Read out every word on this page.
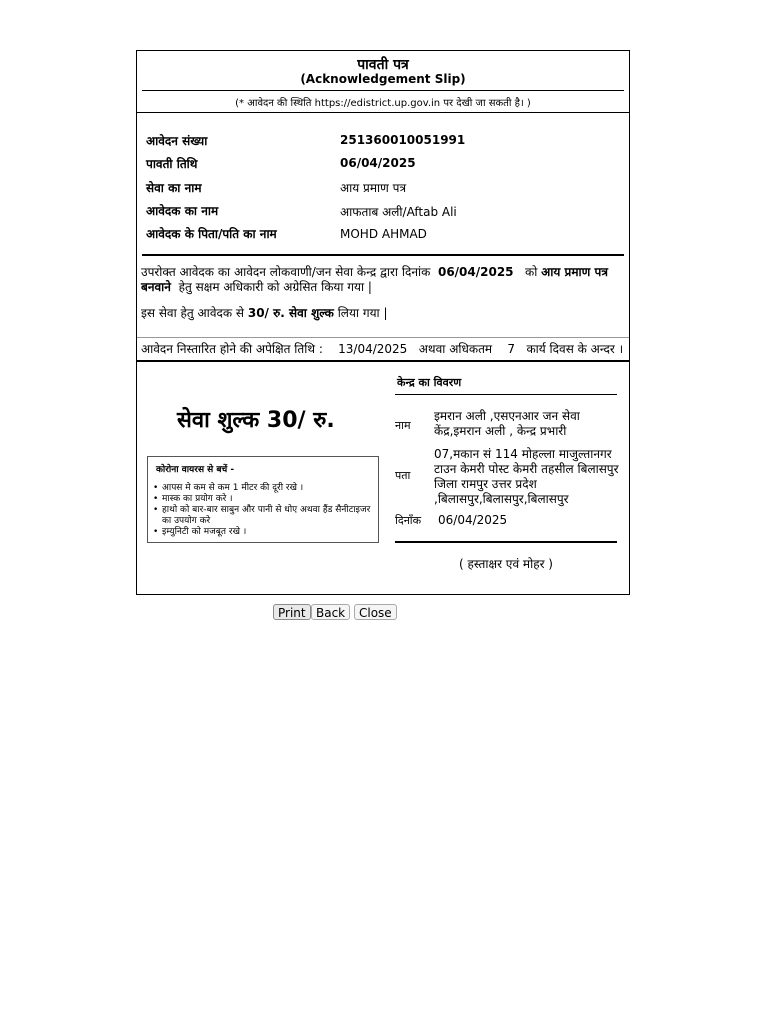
पावती पत्र
(Acknowledgement Slip)
(* आवेदन की स्थिति https://edistrict.up.gov.in पर देखी जा सकती है। )
आवेदन संख्या	251360010051991
पावती तिथि	06/04/2025
सेवा का नाम	आय प्रमाण पत्र
आवेदक का नाम	आफताब अली/Aftab Ali
आवेदक के पिता/पति का नाम	MOHD AHMAD
उपरोक्त आवेदक का आवेदन लोकवाणी/जन सेवा केन्द्र द्वारा दिनांक 06/04/2025 को आय प्रमाण पत्र बनवाने हेतु सक्षम अधिकारी को अग्रेसित किया गया |
इस सेवा हेतु आवेदक से 30/ रु. सेवा शुल्क लिया गया |
आवेदन निस्तारित होने की अपेक्षित तिथि : 13/04/2025 अथवा अधिकतम 7 कार्य दिवस के अन्दर ।
सेवा शुल्क 30/ रु.
कोरोना वायरस से बचें -
• आपस मे कम से कम 1 मीटर की दूरी रखे ।
• मास्क का प्रयोग करे ।
• हाथो को बार-बार साबुन और पानी से धोए अथवा हैंड सैनीटाइजर का उपयोग करे
• इम्युनिटी को मजबूत रखे ।
केन्द्र का विवरण
नाम
इमरान अली ,एसएनआर जन सेवा केंद्र,इमरान अली , केन्द्र प्रभारी
पता
07,मकान सं 114 मोहल्ला माजुल्तानगर टाउन केमरी पोस्ट केमरी तहसील बिलासपुर जिला रामपुर उत्तर प्रदेश ,बिलासपुर,बिलासपुर,बिलासपुर
दिनाँक 06/04/2025
( हस्ताक्षर एवं मोहर )
Print Back	Close
